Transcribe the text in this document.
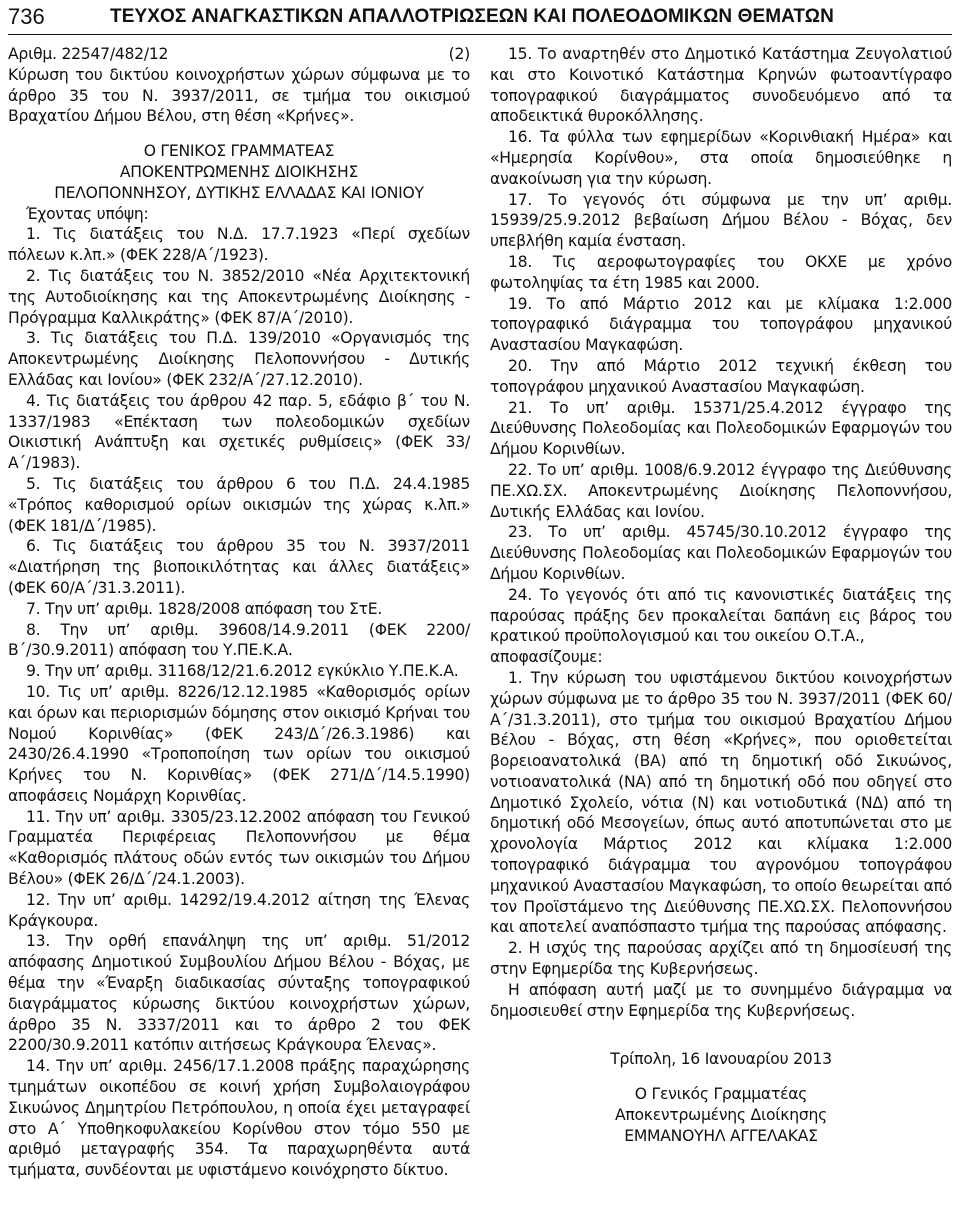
736	ΤΕΥΧΟΣ ΑΝΑΓΚΑΣΤΙΚΩΝ ΑΠΑΛΛΟΤΡΙΩΣΕΩΝ ΚΑΙ ΠΟΛΕΟΔΟΜΙΚΩΝ ΘΕΜΑΤΩΝ
Αριθμ. 22547/482/12	(2)

Κύρωση του δικτύου κοινοχρήστων χώρων σύμφωνα με το άρθρο 35 του Ν. 3937/2011, σε τμήμα του οικισμού Βραχατίου Δήμου Βέλου, στη θέση «Κρήνες».

Ο ΓΕΝΙΚΟΣ ΓΡΑΜΜΑΤΕΑΣ

ΑΠΟΚΕΝΤΡΩΜΕΝΗΣ ΔΙΟΙΚΗΣΗΣ

ΠΕΛΟΠΟΝΝΗΣΟΥ, ΔΥΤΙΚΗΣ ΕΛΛΑΔΑΣ ΚΑΙ ΙΟΝΙΟΥ

Έχοντας υπόψη:

1. Τις διατάξεις του Ν.Δ. 17.7.1923 «Περί σχεδίων πόλεων κ.λπ.» (ΦΕΚ 228/Α΄/1923).

2. Τις διατάξεις του Ν. 3852/2010 «Νέα Αρχιτεκτονική της Αυτοδιοίκησης και της Αποκεντρωμένης Διοίκησης - Πρόγραμμα Καλλικράτης» (ΦΕΚ 87/Α΄/2010).

3. Τις διατάξεις του Π.Δ. 139/2010 «Οργανισμός της Αποκεντρωμένης Διοίκησης Πελοποννήσου - Δυτικής Ελλάδας και Ιονίου» (ΦΕΚ 232/Α΄/27.12.2010).

4. Τις διατάξεις του άρθρου 42 παρ. 5, εδάφιο β΄ του Ν. 1337/1983 «Επέκταση των πολεοδομικών σχεδίων Οικιστική Ανάπτυξη και σχετικές ρυθμίσεις» (ΦΕΚ 33/Α΄/1983).

5. Τις διατάξεις του άρθρου 6 του Π.Δ. 24.4.1985 «Τρόπος καθορισμού ορίων οικισμών της χώρας κ.λπ.» (ΦΕΚ 181/Δ΄/1985).

6. Τις διατάξεις του άρθρου 35 του Ν. 3937/2011 «Διατήρηση της βιοποικιλότητας και άλλες διατάξεις» (ΦΕΚ 60/Α΄/31.3.2011).

7. Την υπ’ αριθμ. 1828/2008 απόφαση του ΣτΕ.

8. Την υπ’ αριθμ. 39608/14.9.2011 (ΦΕΚ 2200/Β΄/30.9.2011) απόφαση του Υ.ΠΕ.Κ.Α.

9. Την υπ’ αριθμ. 31168/12/21.6.2012 εγκύκλιο Υ.ΠΕ.Κ.Α.

10. Τις υπ’ αριθμ. 8226/12.12.1985 «Καθορισμός ορίων και όρων και περιορισμών δόμησης στον οικισμό Κρήναι του Νομού Κορινθίας» (ΦΕΚ 243/Δ΄/26.3.1986) και 2430/26.4.1990 «Τροποποίηση των ορίων του οικισμού Κρήνες του Ν. Κορινθίας» (ΦΕΚ 271/Δ΄/14.5.1990) αποφάσεις Νομάρχη Κορινθίας.

11. Την υπ’ αριθμ. 3305/23.12.2002 απόφαση του Γενικού Γραμματέα Περιφέρειας Πελοποννήσου με θέμα «Καθορισμός πλάτους οδών εντός των οικισμών του Δήμου Βέλου» (ΦΕΚ 26/Δ΄/24.1.2003).

12. Την υπ’ αριθμ. 14292/19.4.2012 αίτηση της Έλενας Κράγκουρα.

13. Την ορθή επανάληψη της υπ’ αριθμ. 51/2012 απόφασης Δημοτικού Συμβουλίου Δήμου Βέλου - Βόχας, με θέμα την «Έναρξη διαδικασίας σύνταξης τοπογραφικού διαγράμματος κύρωσης δικτύου κοινοχρήστων χώρων, άρθρο 35 Ν. 3337/2011 και το άρθρο 2 του ΦΕΚ 2200/30.9.2011 κατόπιν αιτήσεως Κράγκουρα Έλενας».

14. Την υπ’ αριθμ. 2456/17.1.2008 πράξης παραχώρησης τμημάτων οικοπέδου σε κοινή χρήση Συμβολαιογράφου Σικυώνος Δημητρίου Πετρόπουλου, η οποία έχει μεταγραφεί στο Α΄ Υποθηκοφυλακείου Κορίνθου στον τόμο 550 με αριθμό μεταγραφής 354. Τα παραχωρηθέντα αυτά τμήματα, συνδέονται με υφιστάμενο κοινόχρηστο δίκτυο.

15. Το αναρτηθέν στο Δημοτικό Κατάστημα Ζευγολατιού και στο Κοινοτικό Κατάστημα Κρηνών φωτοαντίγραφο τοπογραφικού διαγράμματος συνοδευόμενο από τα αποδεικτικά θυροκόλλησης.

16. Τα φύλλα των εφημερίδων «Κορινθιακή Ημέρα» και «Ημερησία Κορίνθου», στα οποία δημοσιεύθηκε η ανακοίνωση για την κύρωση.

17. Το γεγονός ότι σύμφωνα με την υπ’ αριθμ. 15939/25.9.2012 βεβαίωση Δήμου Βέλου - Βόχας, δεν υπεβλήθη καμία ένσταση.

18. Τις αεροφωτογραφίες του ΟΚΧΕ με χρόνο φωτοληψίας τα έτη 1985 και 2000.

19. Το από Μάρτιο 2012 και με κλίμακα 1:2.000 τοπογραφικό διάγραμμα του τοπογράφου μηχανικού Αναστασίου Μαγκαφώση.

20. Την από Μάρτιο 2012 τεχνική έκθεση του τοπογράφου μηχανικού Αναστασίου Μαγκαφώση.

21. Το υπ’ αριθμ. 15371/25.4.2012 έγγραφο της Διεύθυνσης Πολεοδομίας και Πολεοδομικών Εφαρμογών του Δήμου Κορινθίων.

22. Το υπ’ αριθμ. 1008/6.9.2012 έγγραφο της Διεύθυνσης ΠΕ.ΧΩ.ΣΧ. Αποκεντρωμένης Διοίκησης Πελοποννήσου, Δυτικής Ελλάδας και Ιονίου.

23. Το υπ’ αριθμ. 45745/30.10.2012 έγγραφο της Διεύθυνσης Πολεοδομίας και Πολεοδομικών Εφαρμογών του Δήμου Κορινθίων.

24. Το γεγονός ότι από τις κανονιστικές διατάξεις της παρούσας πράξης δεν προκαλείται δαπάνη εις βάρος του κρατικού προϋπολογισμού και του οικείου Ο.Τ.Α.,

αποφασίζουμε:

1. Την κύρωση του υφιστάμενου δικτύου κοινοχρήστων χώρων σύμφωνα με το άρθρο 35 του Ν. 3937/2011 (ΦΕΚ 60/Α΄/31.3.2011), στο τμήμα του οικισμού Βραχατίου Δήμου Βέλου - Βόχας, στη θέση «Κρήνες», που οριοθετείται βορειοανατολικά (ΒΑ) από τη δημοτική οδό Σικυώνος, νοτιοανατολικά (ΝΑ) από τη δημοτική οδό που οδηγεί στο Δημοτικό Σχολείο, νότια (Ν) και νοτιοδυτικά (ΝΔ) από τη δημοτική οδό Μεσογείων, όπως αυτό αποτυπώνεται στο με χρονολογία Μάρτιος 2012 και κλίμακα 1:2.000 τοπογραφικό διάγραμμα του αγρονόμου τοπογράφου μηχανικού Αναστασίου Μαγκαφώση, το οποίο θεωρείται από τον Προϊστάμενο της Διεύθυνσης ΠΕ.ΧΩ.ΣΧ. Πελοποννήσου και αποτελεί αναπόσπαστο τμήμα της παρούσας απόφασης.

2. Η ισχύς της παρούσας αρχίζει από τη δημοσίευσή της στην Εφημερίδα της Κυβερνήσεως.

Η απόφαση αυτή μαζί με το συνημμένο διάγραμμα να δημοσιευθεί στην Εφημερίδα της Κυβερνήσεως.

Τρίπολη, 16 Ιανουαρίου 2013

Ο Γενικός Γραμματέας

Αποκεντρωμένης Διοίκησης

ΕΜΜΑΝΟΥΗΛ ΑΓΓΕΛΑΚΑΣ
